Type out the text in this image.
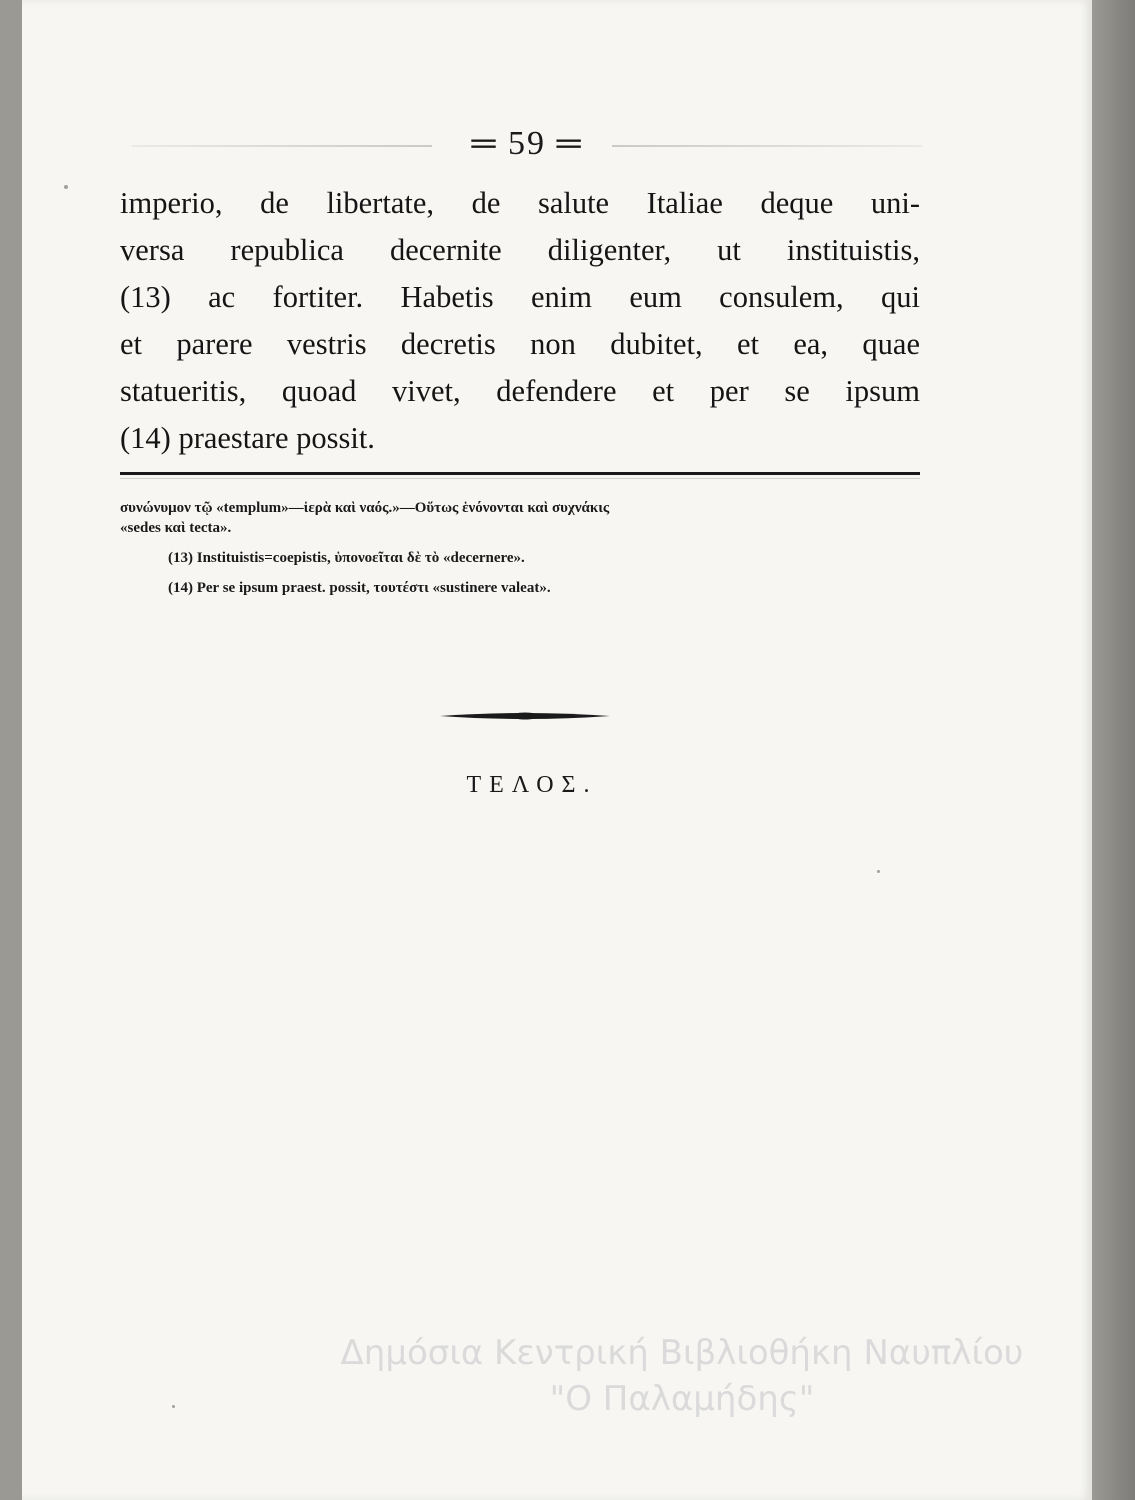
═ 59 ═
imperio, de libertate, de salute Italiae deque uni-
versa republica decernite diligenter, ut instituistis,
(13) ac fortiter. Habetis enim eum consulem, qui
et parere vestris decretis non dubitet, et ea, quae
statueritis, quoad vivet, defendere et per se ipsum
(14) praestare possit.
συνώνυμον τῷ «templum»—ἱερὰ καὶ ναός.»—Οὕτως ἑνόνονται καὶ συχνάκις
«sedes καὶ tecta».
(13) Instituistis=coepistis, ὑπονοεῖται δὲ τὸ «decernere».
(14) Per se ipsum praest. possit, τουτέστι «sustinere valeat».
ΤΕΛΟΣ.
Δημόσια Κεντρική Βιβλιοθήκη Ναυπλίου
"Ο Παλαμήδης"
